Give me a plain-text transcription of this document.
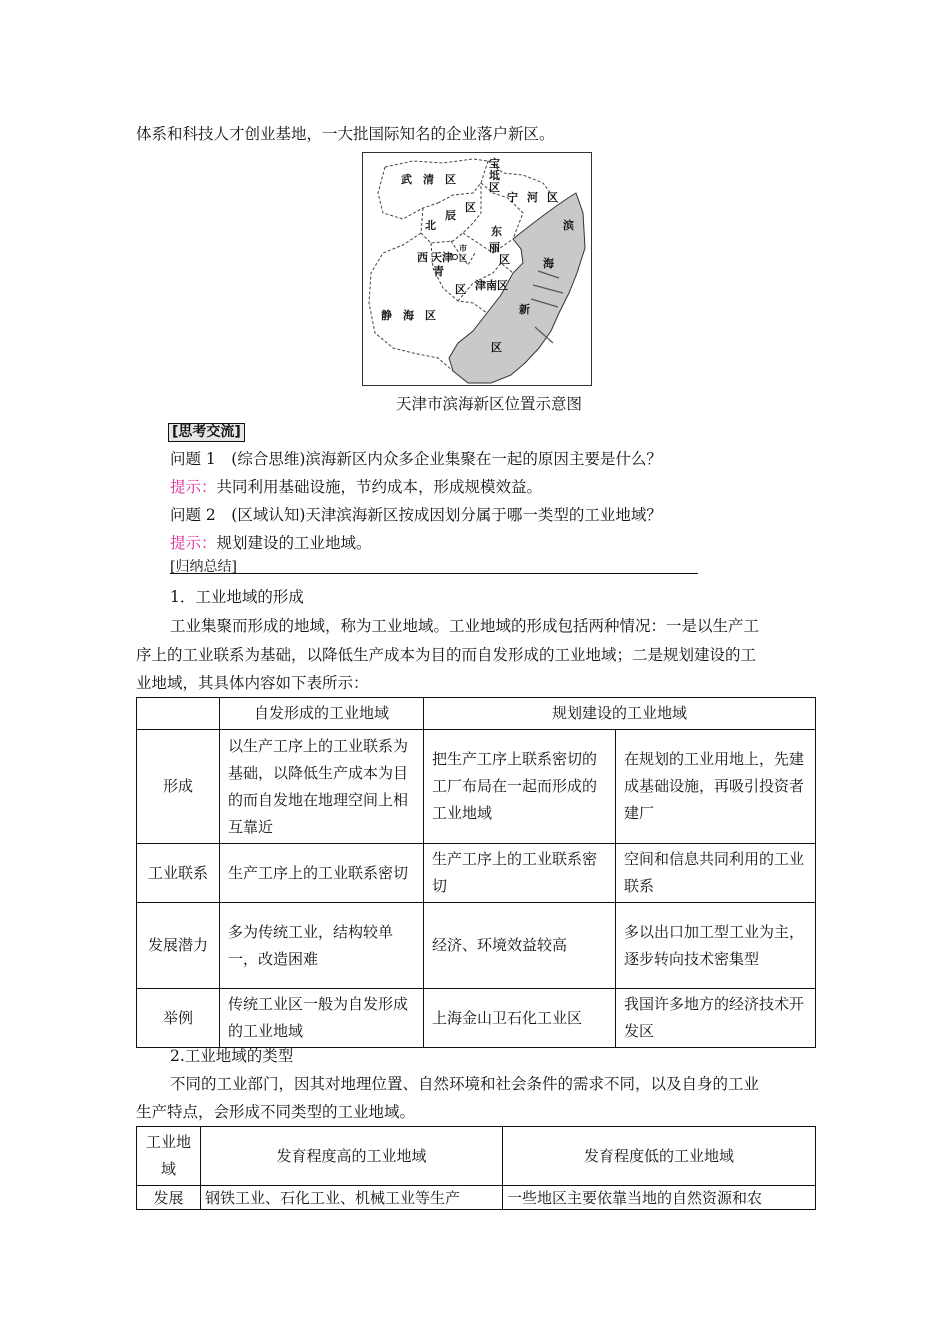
体系和科技人才创业基地，一大批国际知名的企业落户新区。
武 清 区
宝
坻
区
宁 河 区
滨
海
新
区
北
辰
区
东
丽
区
西
青
区
天津
市
区
津南区
静 海 区
天津市滨海新区位置示意图
[思考交流]
问题 1　(综合思维)滨海新区内众多企业集聚在一起的原因主要是什么？
提示：共同利用基础设施，节约成本，形成规模效益。
问题 2　(区域认知)天津滨海新区按成因划分属于哪一类型的工业地域？
提示：规划建设的工业地域。
[归纳总结]
1．工业地域的形成
工业集聚而形成的地域，称为工业地域。工业地域的形成包括两种情况：一是以生产工
序上的工业联系为基础，以降低生产成本为目的而自发形成的工业地域；二是规划建设的工
业地域，其具体内容如下表所示：
	自发形成的工业地域	规划建设的工业地域	
形成	以生产工序上的工业联系为基础，以降低生产成本为目的而自发地在地理空间上相互靠近	把生产工序上联系密切的工厂布局在一起而形成的工业地域	在规划的工业用地上，先建成基础设施，再吸引投资者建厂
工业联系	生产工序上的工业联系密切	生产工序上的工业联系密切	空间和信息共同利用的工业联系
发展潜力	多为传统工业，结构较单一，改造困难	经济、环境效益较高	多以出口加工型工业为主，逐步转向技术密集型
举例	传统工业区一般为自发形成的工业地域	上海金山卫石化工业区	我国许多地方的经济技术开发区
2.工业地域的类型
不同的工业部门，因其对地理位置、自然环境和社会条件的需求不同，以及自身的工业
生产特点，会形成不同类型的工业地域。
工业地域	发育程度高的工业地域	发育程度低的工业地域
发展	钢铁工业、石化工业、机械工业等生产	一些地区主要依靠当地的自然资源和农
